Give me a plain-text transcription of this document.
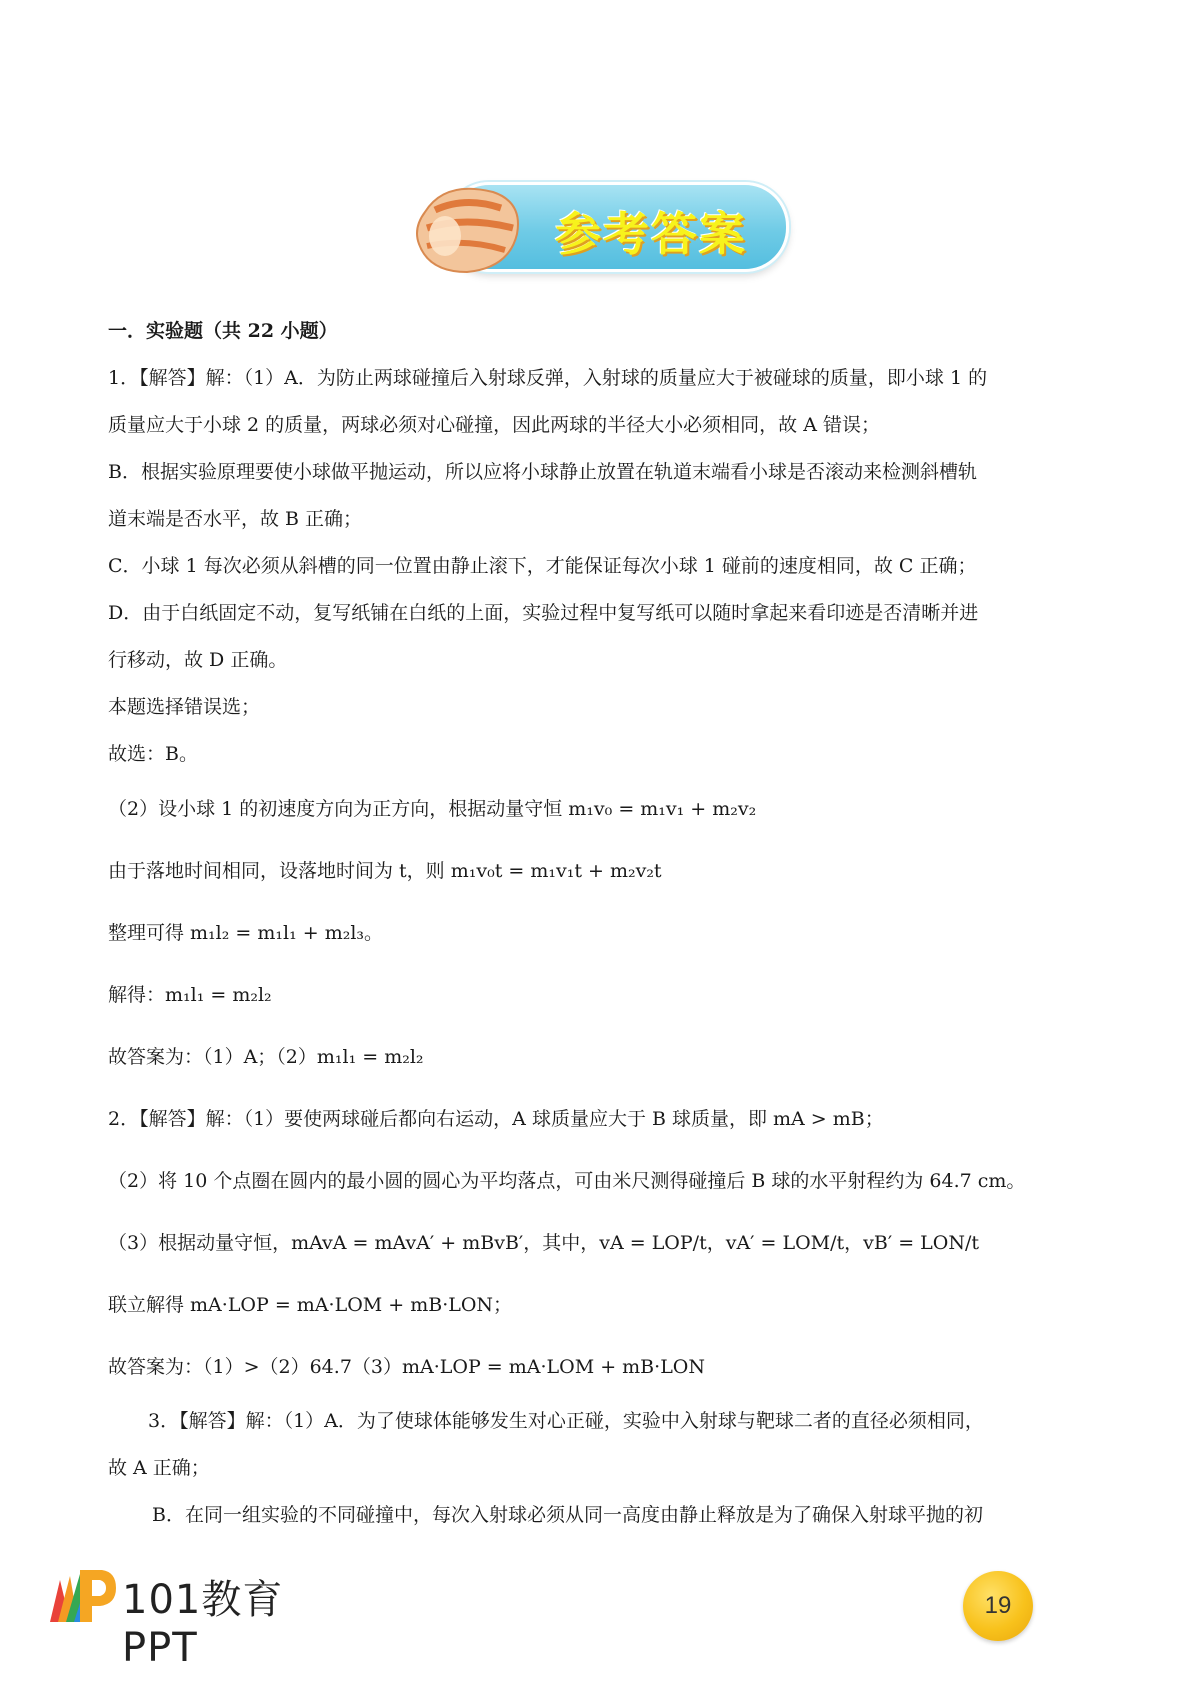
参考答案
一．实验题（共 22 小题）
1．【解答】解：（1）A．为防止两球碰撞后入射球反弹，入射球的质量应大于被碰球的质量，即小球 1 的
质量应大于小球 2 的质量，两球必须对心碰撞，因此两球的半径大小必须相同，故 A 错误；
B．根据实验原理要使小球做平抛运动，所以应将小球静止放置在轨道末端看小球是否滚动来检测斜槽轨
道末端是否水平，故 B 正确；
C．小球 1 每次必须从斜槽的同一位置由静止滚下，才能保证每次小球 1 碰前的速度相同，故 C 正确；
D．由于白纸固定不动，复写纸铺在白纸的上面，实验过程中复写纸可以随时拿起来看印迹是否清晰并进
行移动，故 D 正确。
本题选择错误选；
故选：B。
（2）设小球 1 的初速度方向为正方向，根据动量守恒 m₁v₀ = m₁v₁ + m₂v₂
由于落地时间相同，设落地时间为 t，则 m₁v₀t = m₁v₁t + m₂v₂t
整理可得 m₁l₂ = m₁l₁ + m₂l₃。
解得：m₁l₁ = m₂l₂
故答案为：（1）A；（2）m₁l₁ = m₂l₂
2．【解答】解：（1）要使两球碰后都向右运动，A 球质量应大于 B 球质量，即 mA > mB；
（2）将 10 个点圈在圆内的最小圆的圆心为平均落点，可由米尺测得碰撞后 B 球的水平射程约为 64.7 cm。
（3）根据动量守恒，mAvA = mAvA′ + mBvB′，其中，vA = LOP/t，vA′ = LOM/t，vB′ = LON/t
联立解得 mA·LOP = mA·LOM + mB·LON；
故答案为：（1）>（2）64.7（3）mA·LOP = mA·LOM + mB·LON
3．【解答】解：（1）A．为了使球体能够发生对心正碰，实验中入射球与靶球二者的直径必须相同，
故 A 正确；
B．在同一组实验的不同碰撞中，每次入射球必须从同一高度由静止释放是为了确保入射球平抛的初
101教育PPT
19
